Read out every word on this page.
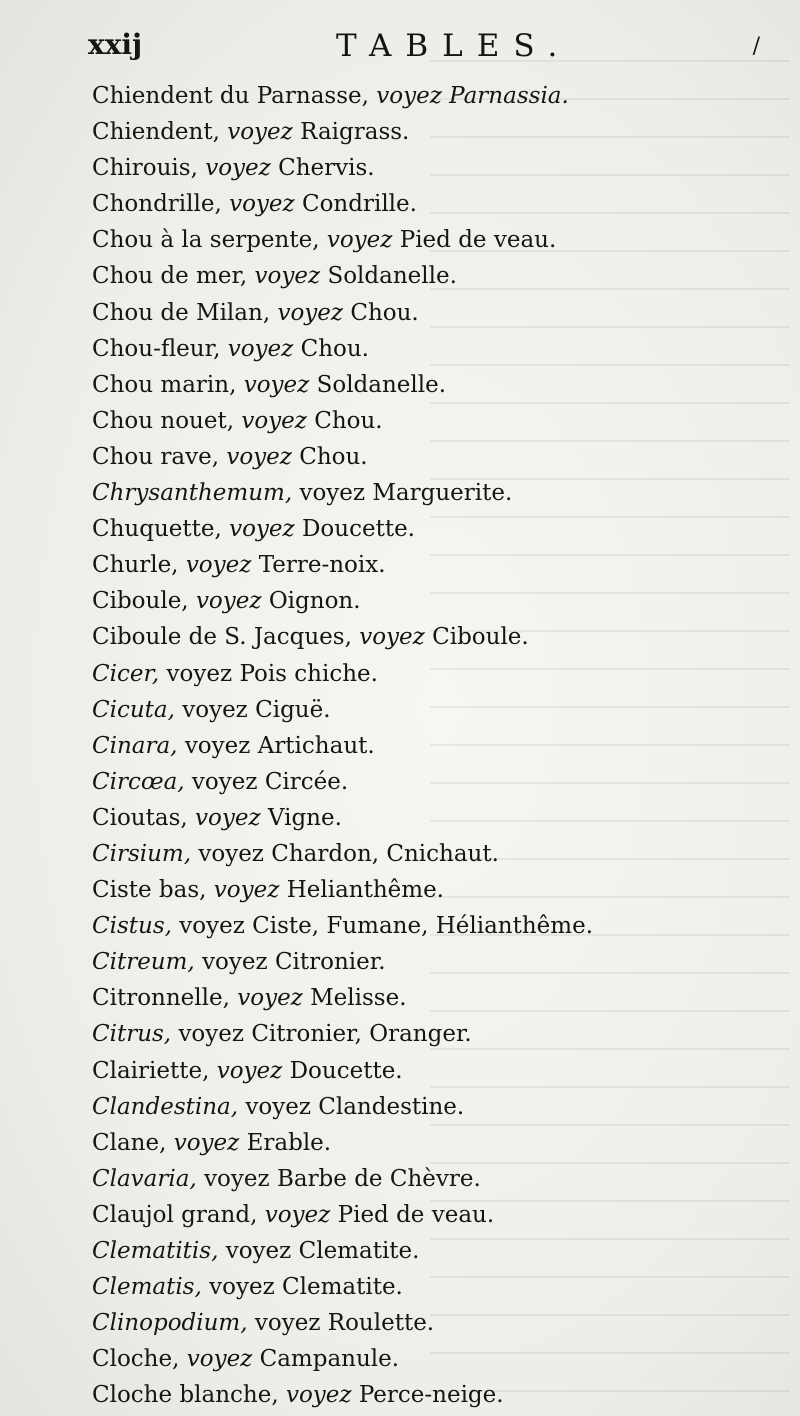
xxij	TABLES.	/
Chiendent du Parnasse, voyez Parnassia.
Chiendent, voyez Raigrass.
Chirouis, voyez Chervis.
Chondrille, voyez Condrille.
Chou à la serpente, voyez Pied de veau.
Chou de mer, voyez Soldanelle.
Chou de Milan, voyez Chou.
Chou-fleur, voyez Chou.
Chou marin, voyez Soldanelle.
Chou nouet, voyez Chou.
Chou rave, voyez Chou.
Chrysanthemum, voyez Marguerite.
Chuquette, voyez Doucette.
Churle, voyez Terre-noix.
Ciboule, voyez Oignon.
Ciboule de S. Jacques, voyez Ciboule.
Cicer, voyez Pois chiche.
Cicuta, voyez Ciguë.
Cinara, voyez Artichaut.
Circœa, voyez Circée.
Cioutas, voyez Vigne.
Cirsium, voyez Chardon, Cnichaut.
Ciste bas, voyez Helianthême.
Cistus, voyez Ciste, Fumane, Hélianthême.
Citreum, voyez Citronier.
Citronnelle, voyez Melisse.
Citrus, voyez Citronier, Oranger.
Clairiette, voyez Doucette.
Clandestina, voyez Clandestine.
Clane, voyez Erable.
Clavaria, voyez Barbe de Chèvre.
Claujol grand, voyez Pied de veau.
Clematitis, voyez Clematite.
Clematis, voyez Clematite.
Clinopodium, voyez Roulette.
Cloche, voyez Campanule.
Cloche blanche, voyez Perce-neige.
